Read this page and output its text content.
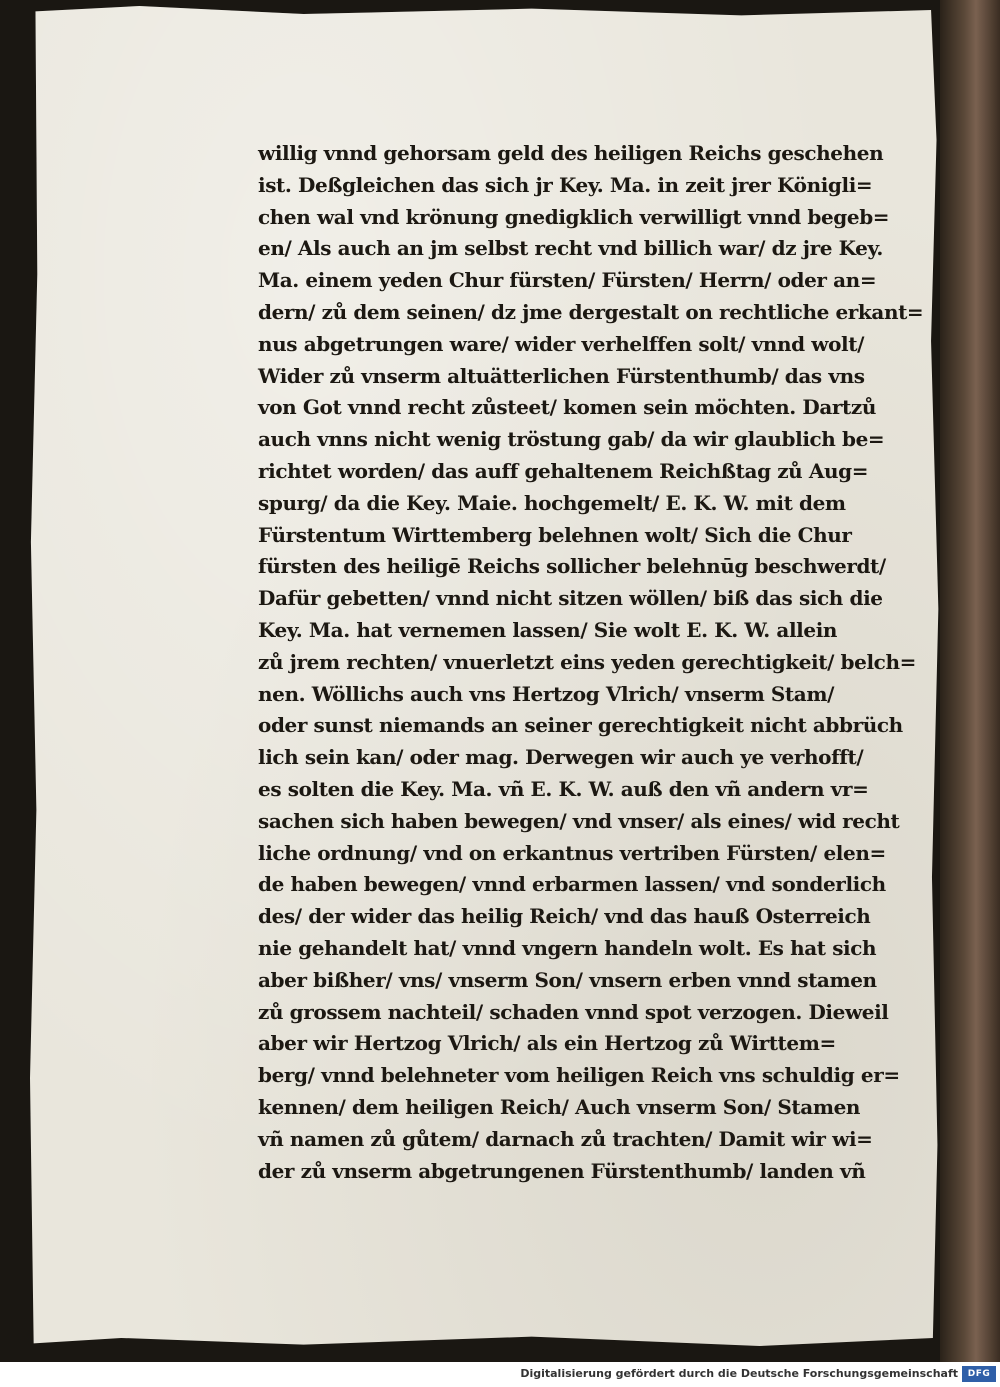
willig vnnd gehorsam geld des heiligen Reichs geschehen
ist. Deßgleichen das sich jr Key. Ma. in zeit jrer Königli=
chen wal vnd krönung gnedigklich verwilligt vnnd begeb=
en/ Als auch an jm selbst recht vnd billich war/ dz jre Key.
Ma. einem yeden Chur fürsten/ Fürsten/ Herrn/ oder an=
dern/ zů dem seinen/ dz jme dergestalt on rechtliche erkant=
nus abgetrungen ware/ wider verhelffen solt/ vnnd wolt/
Wider zů vnserm altuätterlichen Fürstenthumb/ das vns
von Got vnnd recht zůsteet/ komen sein möchten. Dartzů
auch vnns nicht wenig tröstung gab/ da wir glaublich be=
richtet worden/ das auff gehaltenem Reichßtag zů Aug=
spurg/ da die Key. Maie. hochgemelt/ E. K. W. mit dem
Fürstentum Wirttemberg belehnen wolt/ Sich die Chur
fürsten des heiligē Reichs sollicher belehnūg beschwerdt/
Dafür gebetten/ vnnd nicht sitzen wöllen/ biß das sich die
Key. Ma. hat vernemen lassen/ Sie wolt E. K. W. allein
zů jrem rechten/ vnuerletzt eins yeden gerechtigkeit/ belch=
nen. Wöllichs auch vns Hertzog Vlrich/ vnserm Stam/
oder sunst niemands an seiner gerechtigkeit nicht abbrüch
lich sein kan/ oder mag. Derwegen wir auch ye verhofft/
es solten die Key. Ma. vñ E. K. W. auß den vñ andern vr=
sachen sich haben bewegen/ vnd vnser/ als eines/ wid recht
liche ordnung/ vnd on erkantnus vertriben Fürsten/ elen=
de haben bewegen/ vnnd erbarmen lassen/ vnd sonderlich
des/ der wider das heilig Reich/ vnd das hauß Osterreich
nie gehandelt hat/ vnnd vngern handeln wolt. Es hat sich
aber bißher/ vns/ vnserm Son/ vnsern erben vnnd stamen
zů grossem nachteil/ schaden vnnd spot verzogen. Dieweil
aber wir Hertzog Vlrich/ als ein Hertzog zů Wirttem=
berg/ vnnd belehneter vom heiligen Reich vns schuldig er=
kennen/ dem heiligen Reich/ Auch vnserm Son/ Stamen
vñ namen zů gůtem/ darnach zů trachten/ Damit wir wi=
der zů vnserm abgetrungenen Fürstenthumb/ landen vñ
Digitalisierung gefördert durch die Deutsche Forschungsgemeinschaft DFG
